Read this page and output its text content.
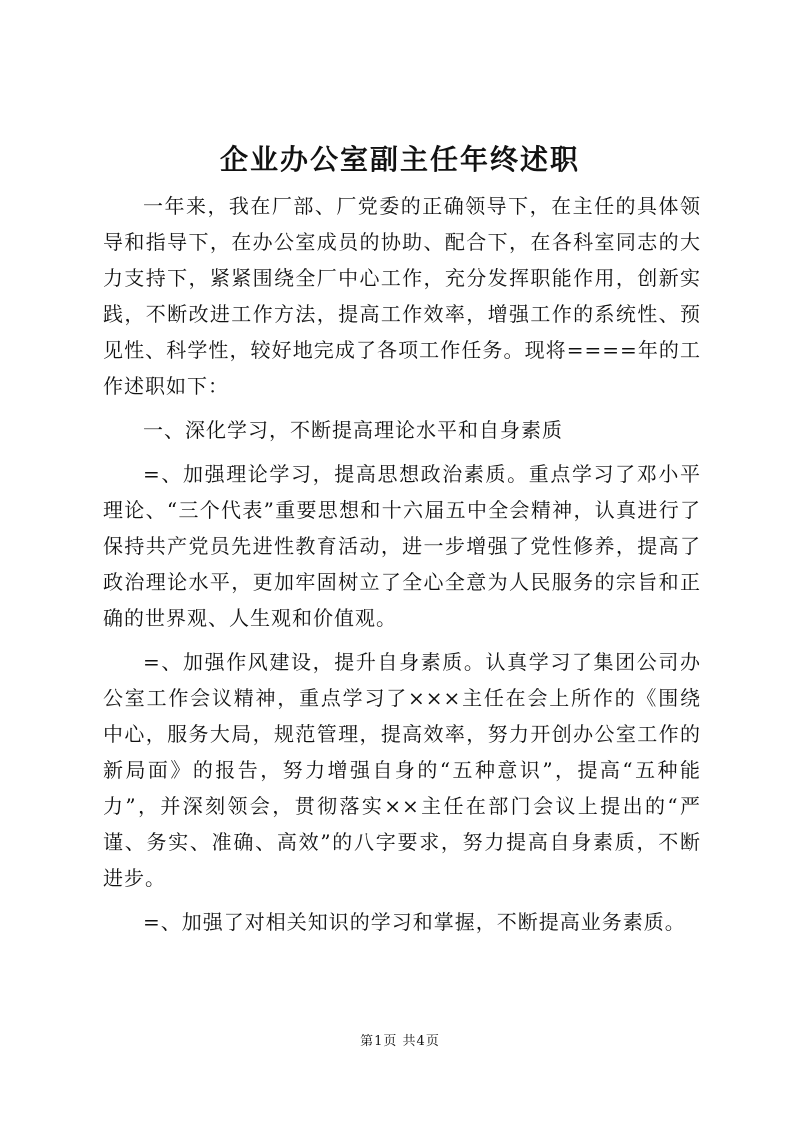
企业办公室副主任年终述职

一年来，我在厂部、厂党委的正确领导下，在主任的具体领导和指导下，在办公室成员的协助、配合下，在各科室同志的大力支持下，紧紧围绕全厂中心工作，充分发挥职能作用，创新实践，不断改进工作方法，提高工作效率，增强工作的系统性、预见性、科学性，较好地完成了各项工作任务。现将====年的工作述职如下：

一、深化学习，不断提高理论水平和自身素质

=、加强理论学习，提高思想政治素质。重点学习了邓小平理论、“三个代表”重要思想和十六届五中全会精神，认真进行了保持共产党员先进性教育活动，进一步增强了党性修养，提高了政治理论水平，更加牢固树立了全心全意为人民服务的宗旨和正确的世界观、人生观和价值观。

=、加强作风建设，提升自身素质。认真学习了集团公司办公室工作会议精神，重点学习了×××主任在会上所作的《围绕中心，服务大局，规范管理，提高效率，努力开创办公室工作的新局面》的报告，努力增强自身的“五种意识”，提高“五种能力”，并深刻领会，贯彻落实××主任在部门会议上提出的“严谨、务实、准确、高效”的八字要求，努力提高自身素质，不断进步。

=、加强了对相关知识的学习和掌握，不断提高业务素质。

第1页 共4页
